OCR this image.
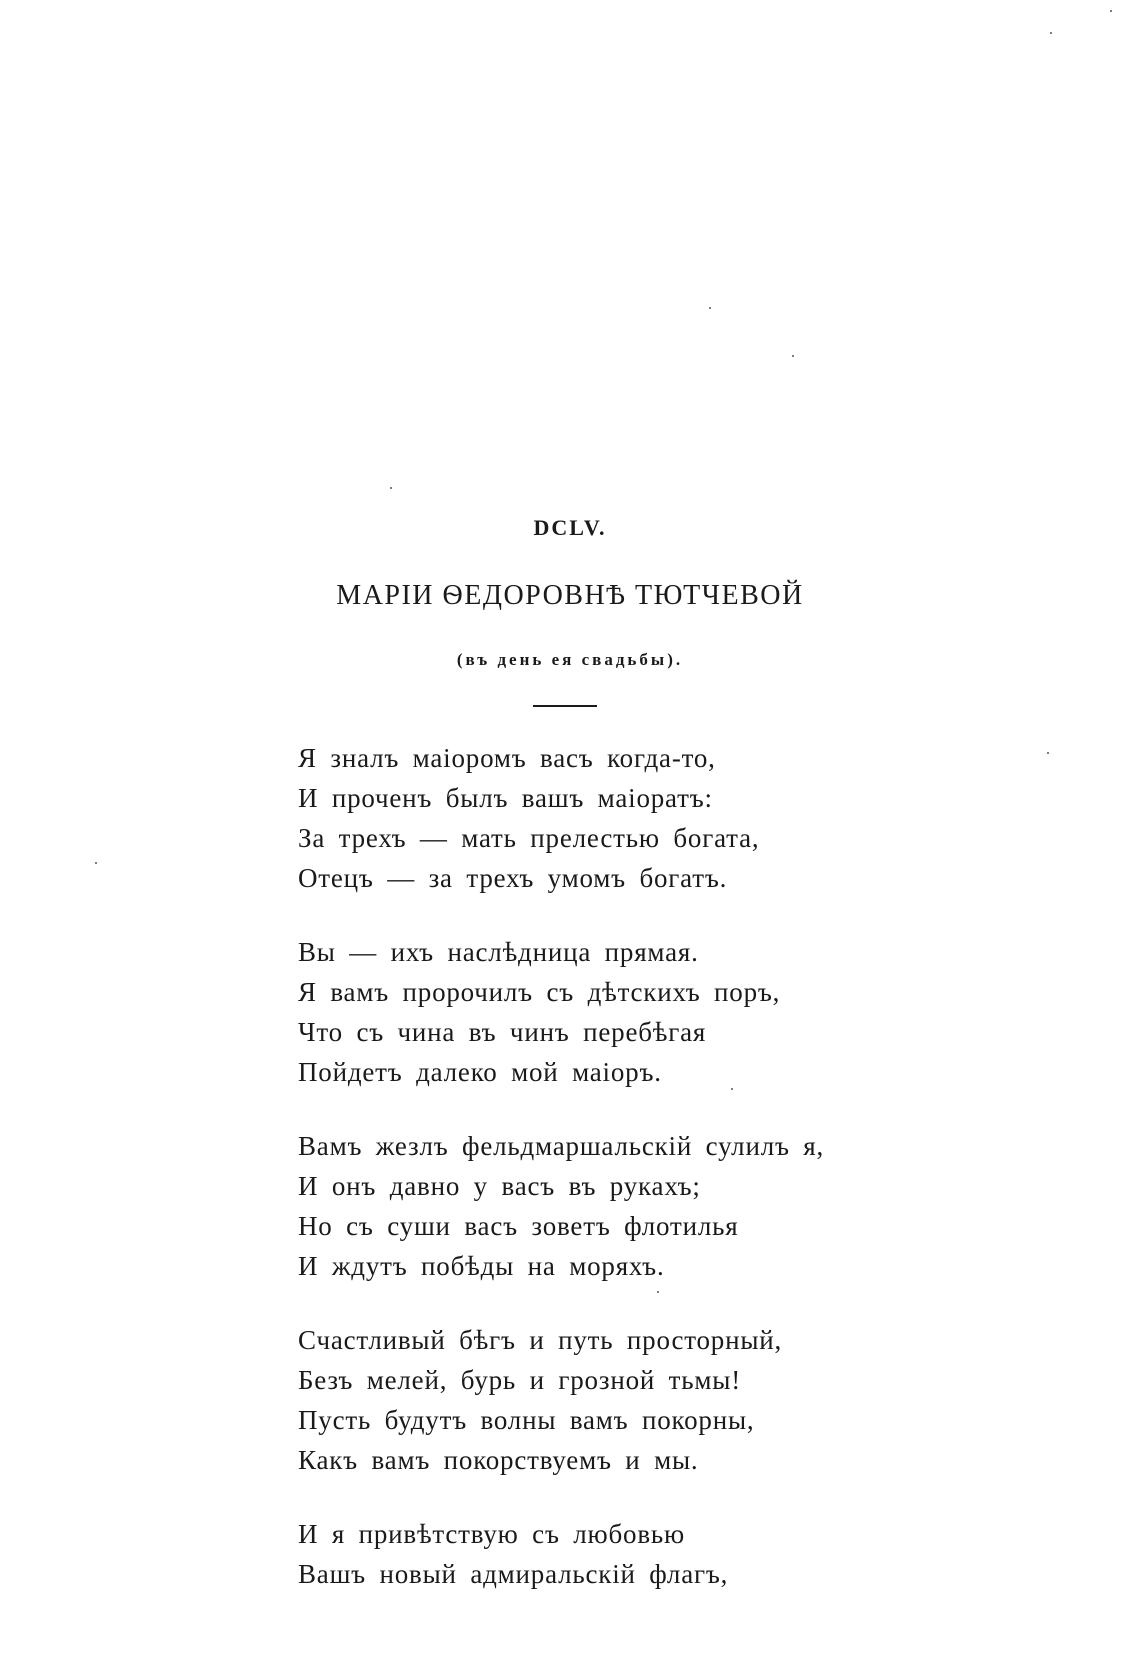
DCLV.
МАРІИ ѲЕДОРОВНѢ ТЮТЧЕВОЙ
(въ день ея свадьбы).
Я зналъ маіоромъ васъ когда-то,
И проченъ былъ вашъ маіоратъ:
За трехъ — мать прелестью богата,
Отецъ — за трехъ умомъ богатъ.
Вы — ихъ наслѣдница прямая.
Я вамъ пророчилъ съ дѣтскихъ поръ,
Что съ чина въ чинъ перебѣгая
Пойдетъ далеко мой маіоръ.
Вамъ жезлъ фельдмаршальскій сулилъ я,
И онъ давно у васъ въ рукахъ;
Но съ суши васъ зоветъ флотилья
И ждутъ побѣды на моряхъ.
Счастливый бѣгъ и путь просторный,
Безъ мелей, бурь и грозной тьмы!
Пусть будутъ волны вамъ покорны,
Какъ вамъ покорствуемъ и мы.
И я привѣтствую съ любовью
Вашъ новый адмиральскій флагъ,
